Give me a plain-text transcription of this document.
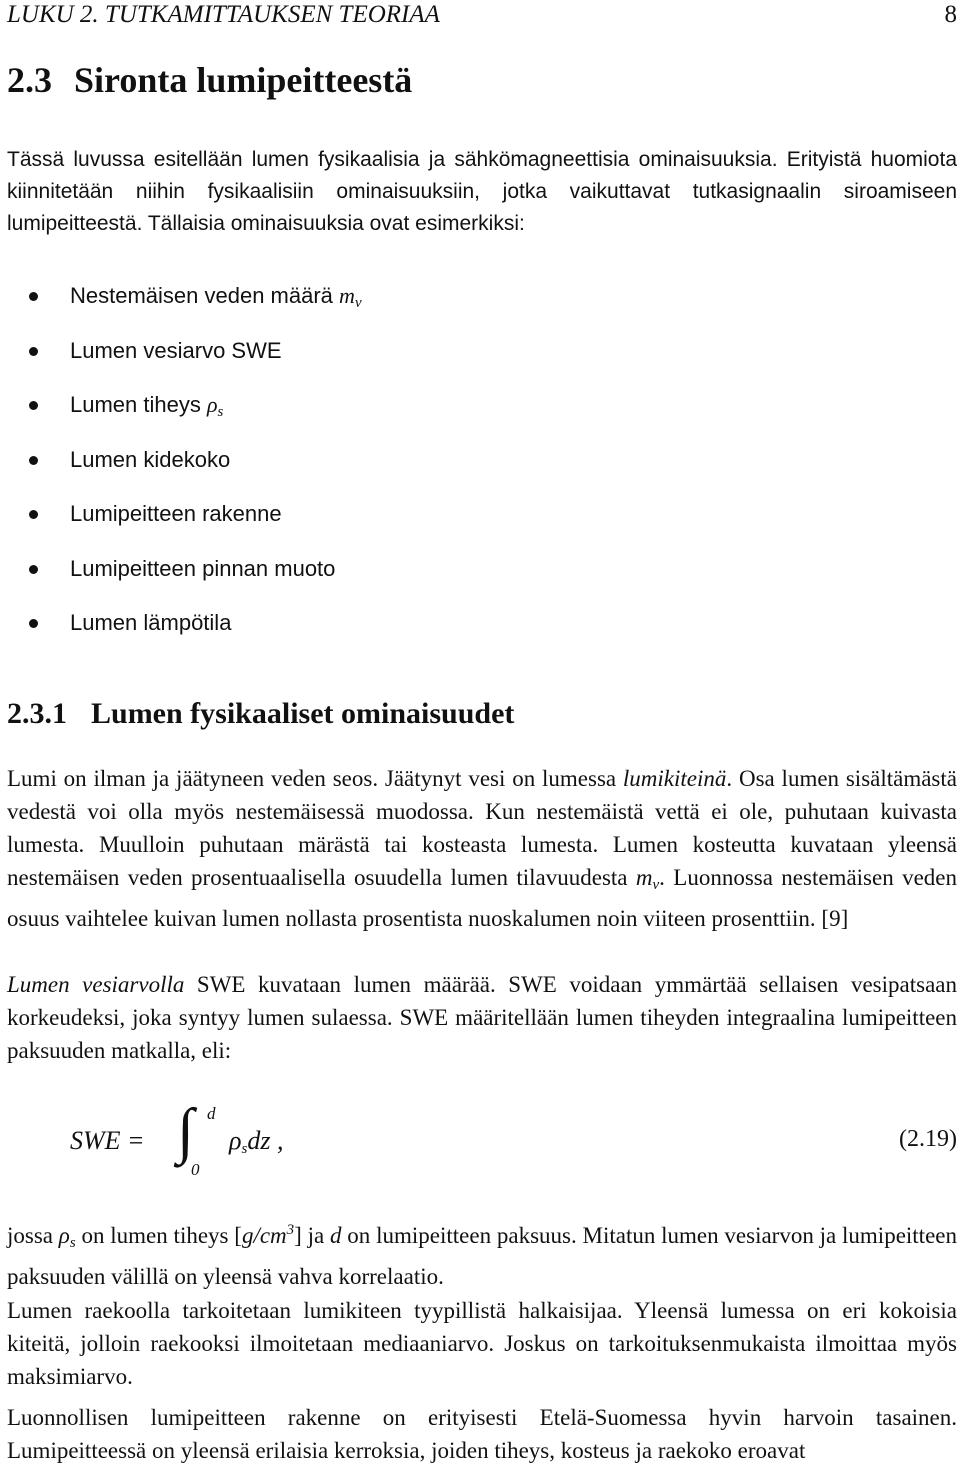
LUKU 2. TUTKAMITTAUKSEN TEORIAA	8
2.3 Sironta lumipeitteestä

Tässä luvussa esitellään lumen fysikaalisia ja sähkömagneettisia ominaisuuksia. Erityistä huomiota kiinnitetään niihin fysikaalisiin ominaisuuksiin, jotka vaikuttavat tutkasignaalin siroamiseen lumipeitteestä. Tällaisia ominaisuuksia ovat esimerkiksi:

Nestemäisen veden määrä $m_v$
Lumen vesiarvo SWE
Lumen tiheys $\rho_s$
Lumen kidekoko
Lumipeitteen rakenne
Lumipeitteen pinnan muoto
Lumen lämpötila
2.3.1 Lumen fysikaaliset ominaisuudet

Lumi on ilman ja jäätyneen veden seos. Jäätynyt vesi on lumessa lumikiteinä. Osa lumen sisältämästä vedestä voi olla myös nestemäisessä muodossa. Kun nestemäistä vettä ei ole, puhutaan kuivasta lumesta. Muulloin puhutaan märästä tai kosteasta lumesta. Lumen kosteutta kuvataan yleensä nestemäisen veden prosentuaalisella osuudella lumen tilavuudesta $m_v$. Luonnossa nestemäisen veden osuus vaihtelee kuivan lumen nollasta prosentista nuoskalumen noin viiteen prosenttiin. [9]

Lumen vesiarvolla SWE kuvataan lumen määrää. SWE voidaan ymmärtää sellaisen vesipatsaan korkeudeksi, joka syntyy lumen sulaessa. SWE määritellään lumen tiheyden integraalina lumipeitteen paksuuden matkalla, eli:

SWE = ∫ d
0
$\rho_sdz$ ,	(2.19)

jossa $\rho_s$ on lumen tiheys $[g/cm^3]$ ja d on lumipeitteen paksuus. Mitatun lumen vesiarvon ja lumipeitteen paksuuden välillä on yleensä vahva korrelaatio.

Lumen raekoolla tarkoitetaan lumikiteen tyypillistä halkaisijaa. Yleensä lumessa on eri kokoisia kiteitä, jolloin raekooksi ilmoitetaan mediaaniarvo. Joskus on tarkoituksenmukaista ilmoittaa myös maksimiarvo.

Luonnollisen lumipeitteen rakenne on erityisesti Etelä-Suomessa hyvin harvoin tasainen. Lumipeitteessä on yleensä erilaisia kerroksia, joiden tiheys, kosteus ja raekoko eroavat
